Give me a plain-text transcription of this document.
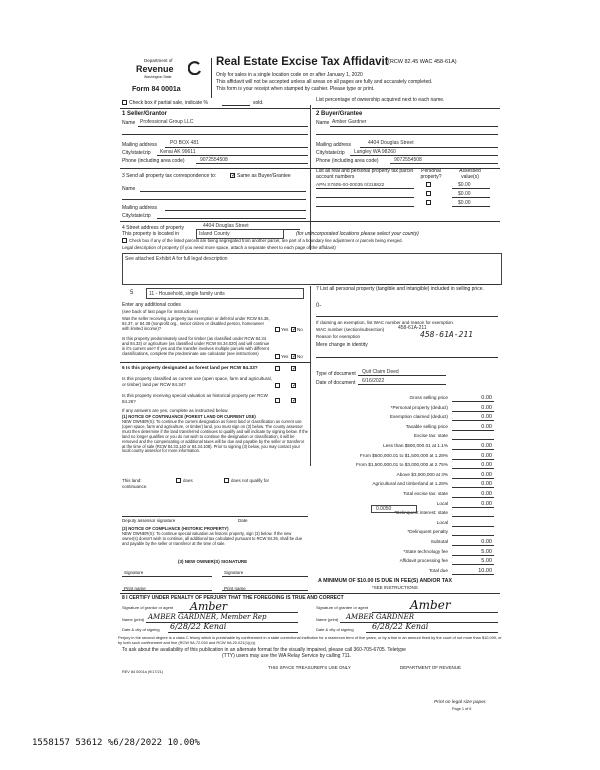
Department of
Revenue
Washington State
Form 84 0001a
Real Estate Excise Tax Affidavit (RCW 82.45 WAC 458-61A)
Only for sales in a single location code on or after January 1, 2020
This affidavit will not be accepted unless all areas on all pages are fully and accurately completed.
This form is your receipt when stamped by cashier. Please type or print.
Check box if partial sale, indicate %	sold.	List percentage of ownership acquired next to each name.
1 Seller/Grantor
Name Professional Group LLC
Mailing address	PO BOX 481
City/state/zip Kenai AK 99611
Phone (including area code)	9072554508
2 Buyer/Grantee
Name Amber Gardner
Mailing address	4404 Douglas Street
City/state/zip Langley WA 98260
Phone (including area code)	9072554508
3 Send all property tax correspondence to: ✓ Same as Buyer/Grantee
Name
Mailing address
City/state/zip
List all real and personal property tax parcel account numbers
Personal property?
Assessed value(s)
APN S7605-00-00035 0/318822	$0.00
$0.00
$0.00
4 Street address of property	4404 Douglas Street
This property is located in	Island County	(for unincorporated locations please select your county)
Check box if any of the listed parcels are being segregated from another parcel, are part of a boundary line adjustment or parcels being merged.
Legal description of property (if you need more space, attach a separate sheet to each page of the affidavit)
See attached Exhibit A for full legal description
5	11 - Household, single family units
Enter any additional codes
(see back of last page for instructions)
Was the seller receiving a property tax exemption or deferral under RCW 84.36, 84.37, or 84.38 (nonprofit org., senior citizen or disabled person, homeowner with limited income)?	Yes ✓ No
Is this property predominately used for timber (as classified under RCW 84.34 and 84.33) or agriculture (as classified under RCW 84.34.020) and will continue in it's current use? If yes and the transfer involves multiple parcels with different classifications, complete the predominate use calculator (see instructions)
Yes ✓ No
6 Is this property designated as forest land per RCW 84.33?	✓
Is this property classified as current use (open space, farm and agricultural, or timber) land per RCW 84.34?	✓
Is this property receiving special valuation as historical property per RCW 84.26?	✓
If any answers are yes, complete as instructed below.
(1) NOTICE OF CONTINUANCE (FOREST LAND OR CURRENT USE)
NEW OWNER(S): To continue the current designation as forest land or classification as current use (open space, farm and agriculture, or timber) land, you must sign on (3) below. The county assessor must then determine if the land transferred continues to qualify and will indicate by signing below. If the land no longer qualifies or you do not wish to continue the designation or classification, it will be removed and the compensating or additional taxes will be due and payable by the seller or transferor at the time of sale (RCW 84.33.140 or 84.34.108). Prior to signing (3) below, you may contact your local county assessor for more information.
This land:	does	does not qualify for
continuance.
Deputy assessor signature	Date
(2) NOTICE OF COMPLIANCE (HISTORIC PROPERTY)
NEW OWNER(S): To continue special valuation as historic property, sign (3) below. If the new owner(s) doesn't wish to continue, all additional tax calculated pursuant to RCW 84.26, shall be due and payable by the seller or transferor at the time of sale.
(3) NEW OWNER(S) SIGNATURE
Signature	Signature
Print name	Print name
7 List all personal property (tangible and intangible) included in selling price.
0-
If claiming an exemption, list WAC number and reason for exemption.
WAC number (section/subsection)	458-61A-211
458-61A-211
Reason for exemption
Mere change in identity
Type of document Quit Claim Deed
Date of document 6/16/2022
Gross selling price	0.00
*Personal property (deduct)	0.00
Exemption claimed (deduct)	0.00
Taxable selling price	0.00
Excise tax: state
Less than $500,000.01 at 1.1%	0.00
From $500,000.01 to $1,500,000 at 1.28%	0.00
From $1,500,000.01 to $3,000,000 at 2.75%	0.00
Above $3,000,000 at 3%	0.00
Agricultural and timberland at 1.28%	0.00
Total excise tax: state	0.00
Local	0.00
*Delinquent interest: state
Local
*Delinquent penalty
Subtotal	0.00
*State technology fee	5.00
Affidavit processing fee	5.00
Total due	10.00
0.0050
A MINIMUM OF $10.00 IS DUE IN FEE(S) AND/OR TAX
*SEE INSTRUCTIONS
8 I CERTIFY UNDER PENALTY OF PERJURY THAT THE FOREGOING IS TRUE AND CORRECT
Signature of grantor or agent Amber
Name (print) AMBER GARDNER, Member Rep
Date & city of signing 6/28/22 Kenai
Signature of grantee or agent	Amber
Name (print) AMBER GARDNER
Date & city of signing 6/28/22 Kenai
Perjury in the second degree is a class C felony which is punishable by confinement in a state correctional institution for a maximum term of five years, or by a fine in an amount fixed by the court of not more than $10,000, or by both such confinement and fine (RCW 9A.72.030 and RCW 9A.20.021(1)(c)).
To ask about the availability of this publication in an alternate format for the visually impaired, please call 360-705-6705. Teletype
(TTY) users may use the WA Relay Service by calling 711.
REV 84 0001a (9/17/21)
THIS SPACE TREASURER'S USE ONLY	DEPARTMENT OF REVENUE
Print on legal size paper.
Page 1 of 6
1558157 53612 %6/28/2022 10.00%
